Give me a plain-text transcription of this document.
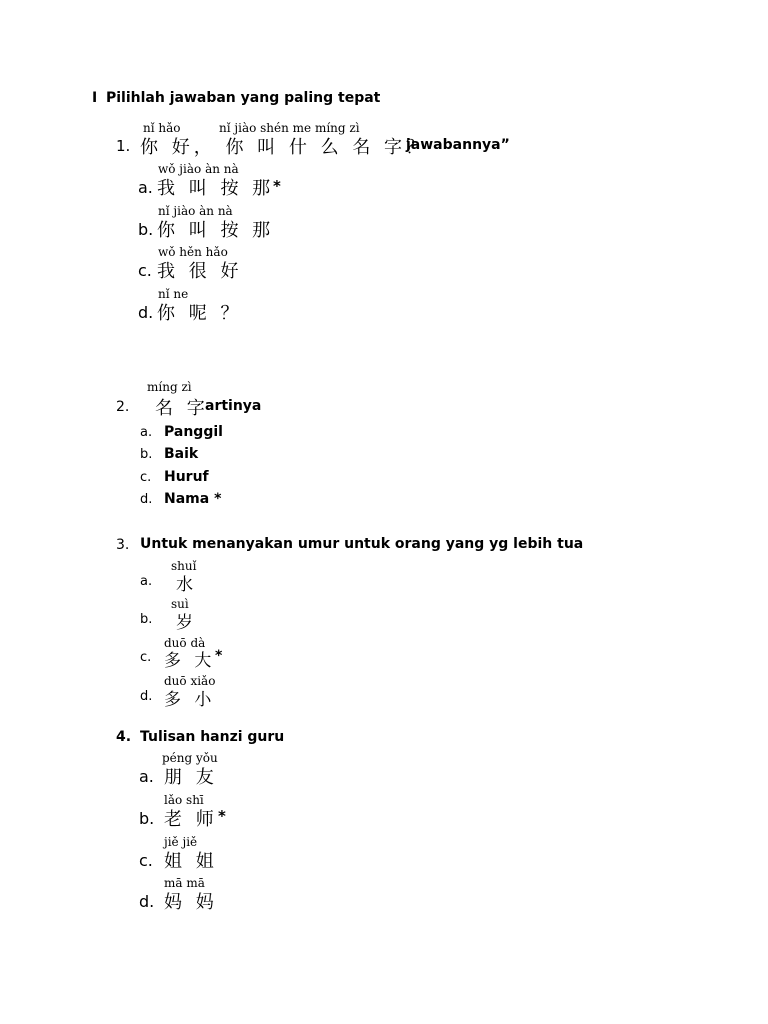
I Pilihlah jawaban yang paling tepat
nǐ hǎo	nǐ jiào shén me míng zì
1. 你 好， 你 叫 什 么 名 字？
jawabannya”
wǒ jiào àn nà
a. 我 叫 按 那
*
nǐ jiào àn nà
b. 你 叫 按 那
wǒ hěn hǎo
c. 我 很 好
nǐ ne
d. 你 呢 ？
míng zì
2. 名 字
artinya
a. Panggil
b. Baik
c. Huruf
d. Nama *
3. Untuk menanyakan umur untuk orang yang yg lebih tua
shuǐ
a. 水
suì
b. 岁
duō dà
c. 多 大 *
duō xiǎo
d. 多 小
4. Tulisan hanzi guru
péng yǒu
a. 朋 友
lǎo shī
b. 老 师 *
jiě jiě
c. 姐 姐
mā mā
d. 妈 妈
